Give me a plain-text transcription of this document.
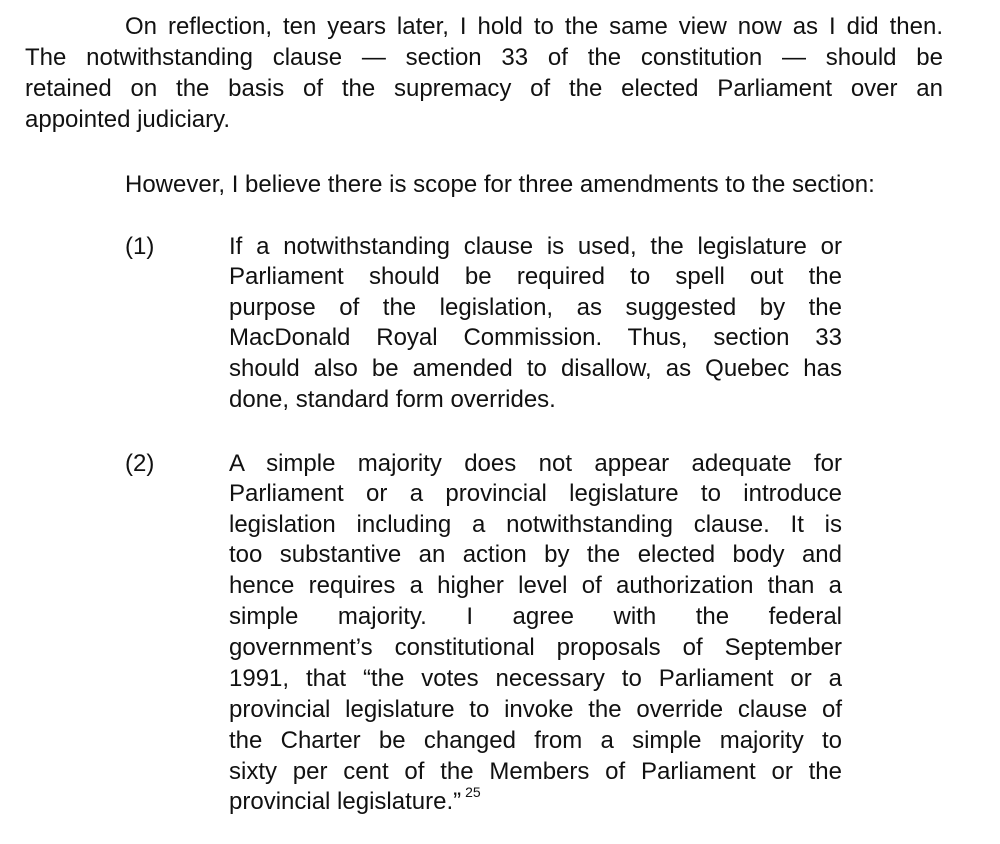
On reflection, ten years later, I hold to the same view now as I did then.
The notwithstanding clause — section 33 of the constitution — should be
retained on the basis of the supremacy of the elected Parliament over an
appointed judiciary.
However, I believe there is scope for three amendments to the section:
(1)	If a notwithstanding clause is used, the legislature or
Parliament should be required to spell out the
purpose of the legislation, as suggested by the
MacDonald Royal Commission. Thus, section 33
should also be amended to disallow, as Quebec has
done, standard form overrides.
(2)	A simple majority does not appear adequate for
Parliament or a provincial legislature to introduce
legislation including a notwithstanding clause. It is
too substantive an action by the elected body and
hence requires a higher level of authorization than a
simple majority. I agree with the federal
government’s constitutional proposals of September
1991, that “the votes necessary to Parliament or a
provincial legislature to invoke the override clause of
the Charter be changed from a simple majority to
sixty per cent of the Members of Parliament or the
provincial legislature.” $^{25}$
